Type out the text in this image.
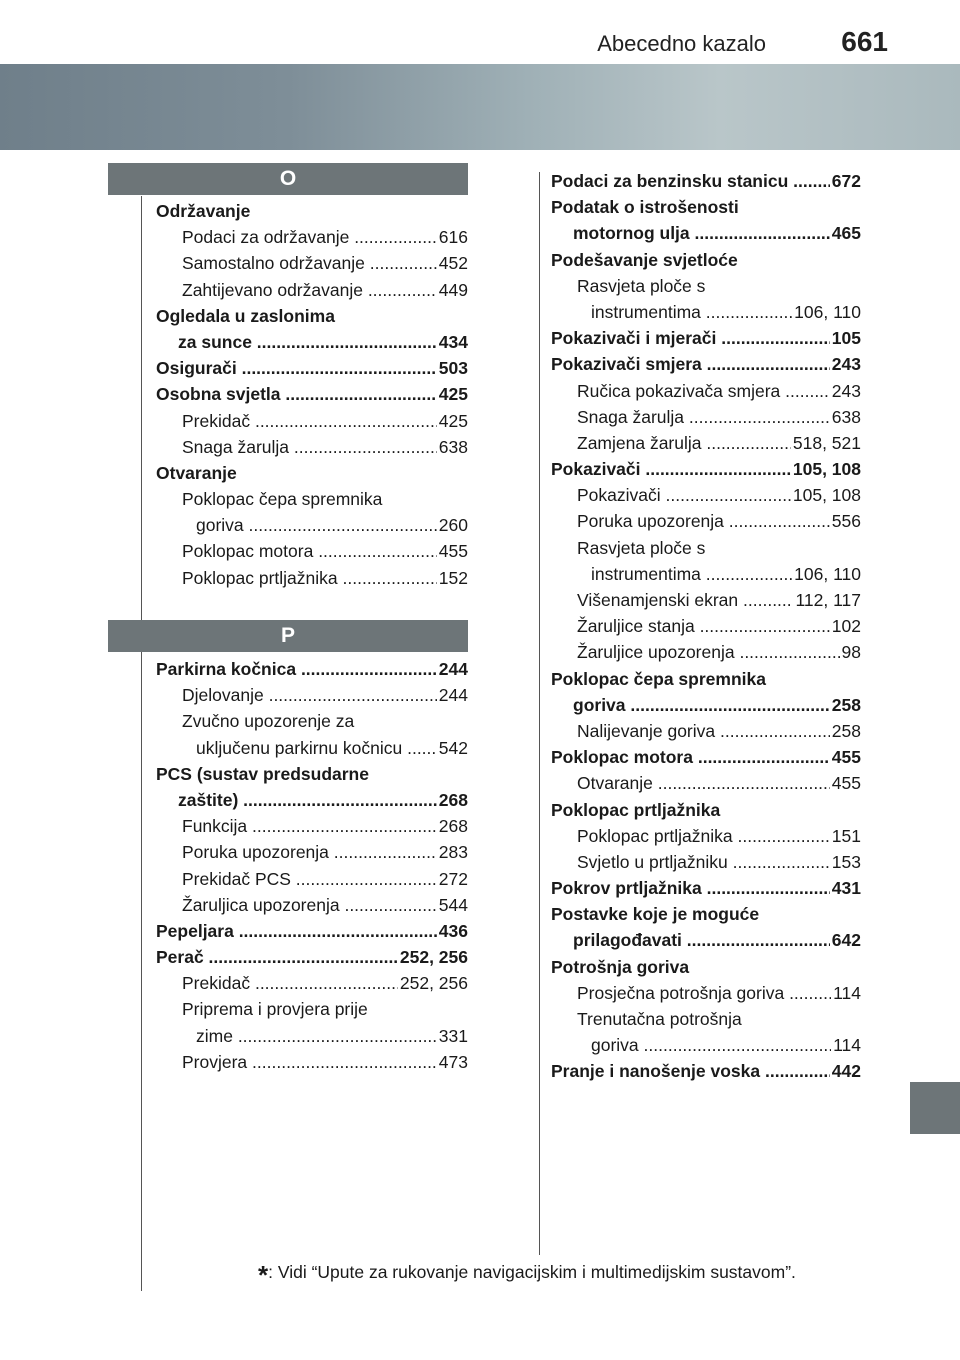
Abecedno kazalo	661
O
Održavanje
Podaci za održavanje .....	616
Samostalno održavanje .....	452
Zahtijevano održavanje .....	449
Ogledala u zaslonima
za sunce .....	434
Osigurači .....	503
Osobna svjetla .....	425
Prekidač .....	425
Snaga žarulja .....	638
Otvaranje
Poklopac čepa spremnika
goriva .....	260
Poklopac motora .....	455
Poklopac prtljažnika .....	152
P
Parkirna kočnica .....	244
Djelovanje .....	244
Zvučno upozorenje za
uključenu parkirnu kočnicu .....	542
PCS (sustav predsudarne
zaštite) .....	268
Funkcija .....	268
Poruka upozorenja .....	283
Prekidač PCS .....	272
Žaruljica upozorenja .....	544
Pepeljara .....	436
Perač .....	252, 256
Prekidač .....	252, 256
Priprema i provjera prije
zime .....	331
Provjera .....	473
Podaci za benzinsku stanicu .....	672
Podatak o istrošenosti
motornog ulja .....	465
Podešavanje svjetloće
Rasvjeta ploče s
instrumentima .....	106, 110
Pokazivači i mjerači .....	105
Pokazivači smjera .....	243
Ručica pokazivača smjera .....	243
Snaga žarulja .....	638
Zamjena žarulja .....	518, 521
Pokazivači .....	105, 108
Pokazivači .....	105, 108
Poruka upozorenja .....	556
Rasvjeta ploče s
instrumentima .....	106, 110
Višenamjenski ekran .....	112, 117
Žaruljice stanja .....	102
Žaruljice upozorenja .....	98
Poklopac čepa spremnika
goriva .....	258
Nalijevanje goriva .....	258
Poklopac motora .....	455
Otvaranje .....	455
Poklopac prtljažnika
Poklopac prtljažnika .....	151
Svjetlo u prtljažniku .....	153
Pokrov prtljažnika .....	431
Postavke koje je moguće
prilagođavati .....	642
Potrošnja goriva
Prosječna potrošnja goriva .....	114
Trenutačna potrošnja
goriva .....	114
Pranje i nanošenje voska .....	442
*: Vidi “Upute za rukovanje navigacijskim i multimedijskim sustavom”.
